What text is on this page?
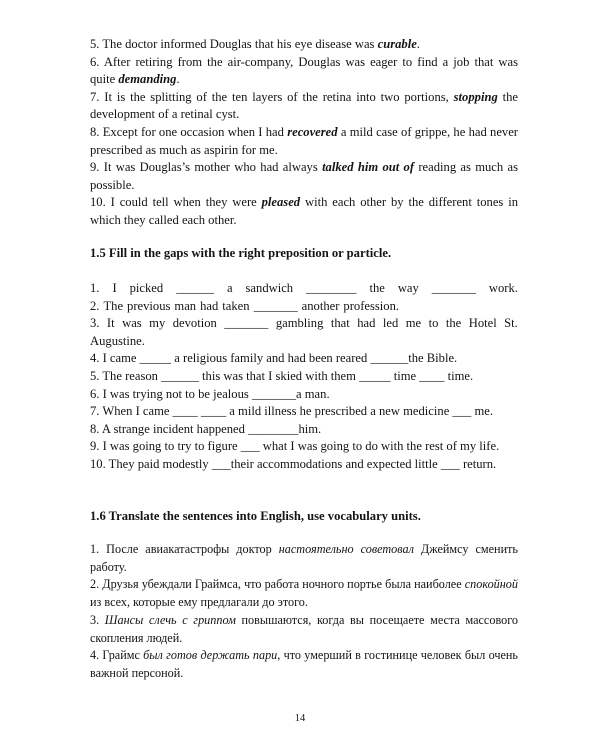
5. The doctor informed Douglas that his eye disease was curable.
6. After retiring from the air-company, Douglas was eager to find a job that was quite demanding.
7. It is the splitting of the ten layers of the retina into two portions, stopping the development of a retinal cyst.
8. Except for one occasion when I had recovered a mild case of grippe, he had never prescribed as much as aspirin for me.
9. It was Douglas’s mother who had always talked him out of reading as much as possible.
10. I could tell when they were pleased with each other by the different tones in which they called each other.
1.5 Fill in the gaps with the right preposition or particle.
1. I picked ______ a sandwich ________ the way _______ work.
2. The previous man had taken _______ another profession.
3. It was my devotion _______ gambling that had led me to the Hotel St.
Augustine.
4. I came _____ a religious family and had been reared ______the Bible.
5. The reason ______ this was that I skied with them _____ time ____ time.
6. I was trying not to be jealous _______a man.
7. When I came ____ ____ a mild illness he prescribed a new medicine ___ me.
8. A strange incident happened ________him.
9. I was going to try to figure ___ what I was going to do with the rest of my life.
10. They paid modestly ___their accommodations and expected little ___ return.
1.6 Translate the sentences into English, use vocabulary units.
1. После авиакатастрофы доктор настоятельно советовал Джеймсу сменить работу.
2. Друзья убеждали Граймса, что работа ночного портье была наиболее спокойной из всех, которые ему предлагали до этого.
3. Шансы слечь с гриппом повышаются, когда вы посещаете места массового скопления людей.
4. Граймс был готов держать пари, что умерший в гостинице человек был очень важной персоной.
14
